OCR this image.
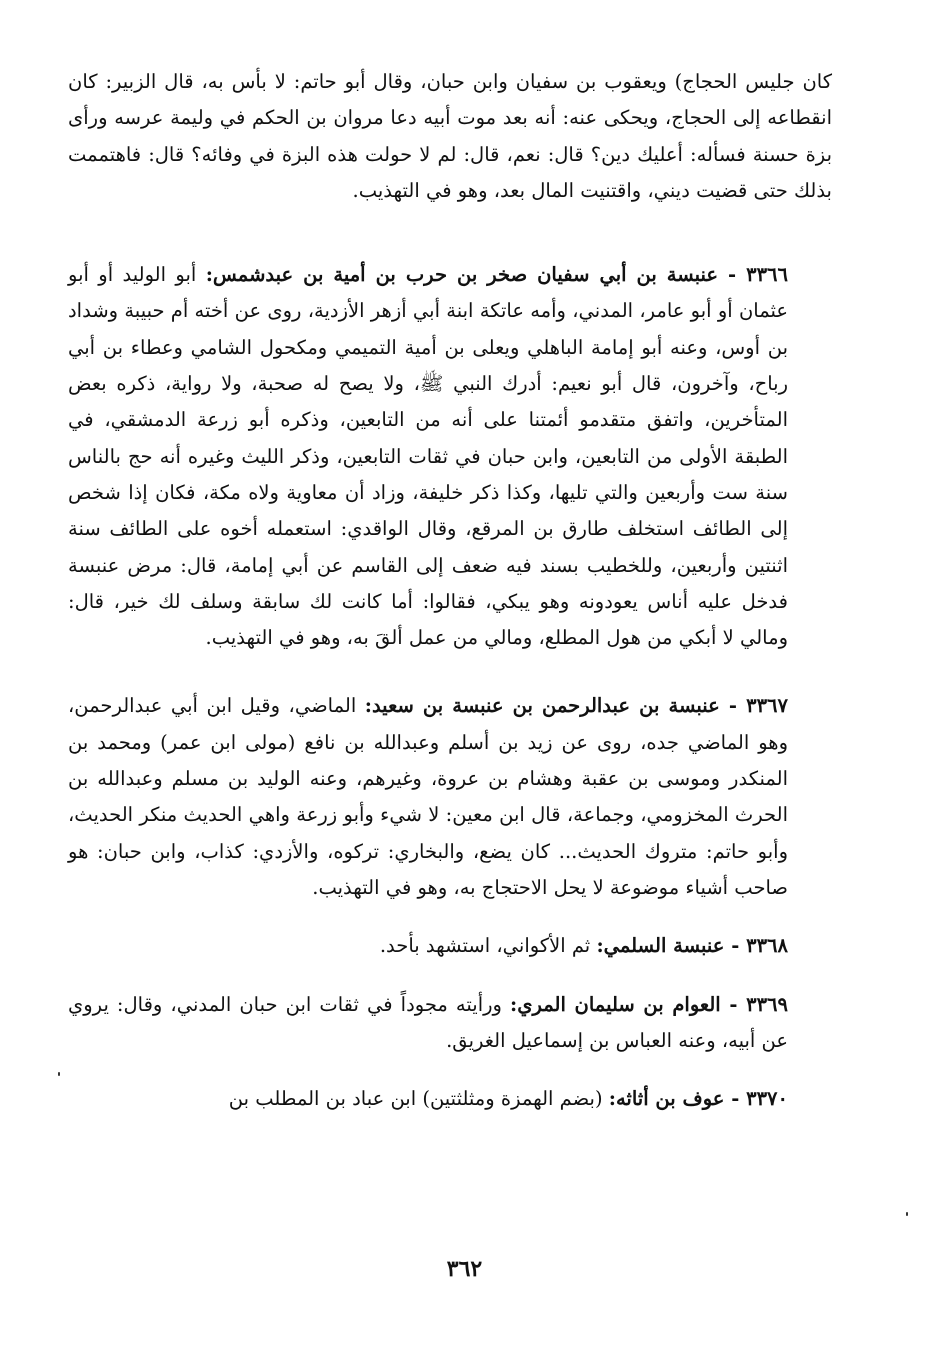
كان جليس الحجاج) ويعقوب بن سفيان وابن حبان، وقال أبو حاتم: لا بأس به، قال الزبير: كان انقطاعه إلى الحجاج، ويحكى عنه: أنه بعد موت أبيه دعا مروان بن الحكم في وليمة عرسه ورأى بزة حسنة فسأله: أعليك دين؟ قال: نعم، قال: لم لا حولت هذه البزة في وفائه؟ قال: فاهتممت بذلك حتى قضيت ديني، واقتنيت المال بعد، وهو في التهذيب.

٣٣٦٦ - عنبسة بن أبي سفيان صخر بن حرب بن أمية بن عبدشمس: أبو الوليد أو أبو عثمان أو أبو عامر، المدني، وأمه عاتكة ابنة أبي أزهر الأزدية، روى عن أخته أم حبيبة وشداد بن أوس، وعنه أبو إمامة الباهلي ويعلى بن أمية التميمي ومكحول الشامي وعطاء بن أبي رباح، وآخرون، قال أبو نعيم: أدرك النبي ﷺ، ولا يصح له صحبة، ولا رواية، ذكره بعض المتأخرين، واتفق متقدمو أئمتنا على أنه من التابعين، وذكره أبو زرعة الدمشقي، في الطبقة الأولى من التابعين، وابن حبان في ثقات التابعين، وذكر الليث وغيره أنه حج بالناس سنة ست وأربعين والتي تليها، وكذا ذكر خليفة، وزاد أن معاوية ولاه مكة، فكان إذا شخص إلى الطائف استخلف طارق بن المرقع، وقال الواقدي: استعمله أخوه على الطائف سنة اثنتين وأربعين، وللخطيب بسند فيه ضعف إلى القاسم عن أبي إمامة، قال: مرض عنبسة فدخل عليه أناس يعودونه وهو يبكي، فقالوا: أما كانت لك سابقة وسلف لك خير، قال: ومالي لا أبكي من هول المطلع، ومالي من عمل ألقَ به، وهو في التهذيب.

٣٣٦٧ - عنبسة بن عبدالرحمن بن عنبسة بن سعيد: الماضي، وقيل ابن أبي عبدالرحمن، وهو الماضي جده، روى عن زيد بن أسلم وعبدالله بن نافع (مولى ابن عمر) ومحمد بن المنكدر وموسى بن عقبة وهشام بن عروة، وغيرهم، وعنه الوليد بن مسلم وعبدالله بن الحرث المخزومي، وجماعة، قال ابن معين: لا شيء وأبو زرعة واهي الحديث منكر الحديث، وأبو حاتم: متروك الحديث... كان يضع، والبخاري: تركوه، والأزدي: كذاب، وابن حبان: هو صاحب أشياء موضوعة لا يحل الاحتجاج به، وهو في التهذيب.

٣٣٦٨ - عنبسة السلمي: ثم الأكواني، استشهد بأحد.

٣٣٦٩ - العوام بن سليمان المري: ورأيته مجوداً في ثقات ابن حبان المدني، وقال: يروي عن أبيه، وعنه العباس بن إسماعيل الغريق.

٣٣٧٠ - عوف بن أثاثه: (بضم الهمزة ومثلثتين) ابن عباد بن المطلب بن

٣٦٢
